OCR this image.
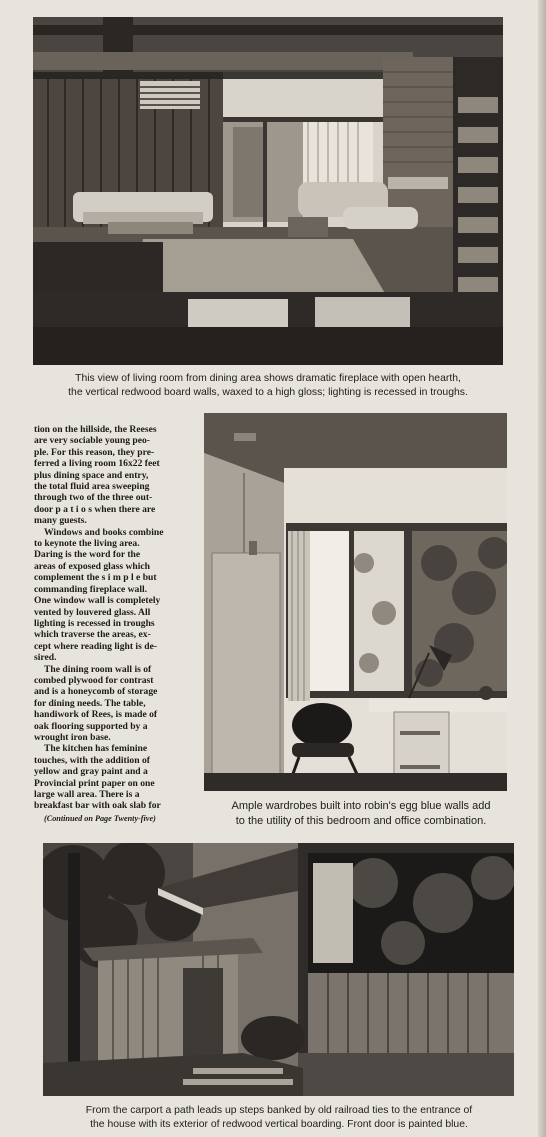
This view of living room from dining area shows dramatic fireplace with open hearth,
the vertical redwood board walls, waxed to a high gloss; lighting is recessed in troughs.
tion on the hillside, the Reeses
are very sociable young peo-
ple. For this reason, they pre-
ferred a living room 16x22 feet
plus dining space and entry,
the total fluid area sweeping
through two of the three out-
door p a t i o s when there are
many guests.
Windows and books combine
to keynote the living area.
Daring is the word for the
areas of exposed glass which
complement the s i m p l e but
commanding fireplace wall.
One window wall is completely
vented by louvered glass. All
lighting is recessed in troughs
which traverse the areas, ex-
cept where reading light is de-
sired.
The dining room wall is of
combed plywood for contrast
and is a honeycomb of storage
for dining needs. The table,
handiwork of Rees, is made of
oak flooring supported by a
wrought iron base.
The kitchen has feminine
touches, with the addition of
yellow and gray paint and a
Provincial print paper on one
large wall area. There is a
breakfast bar with oak slab for
(Continued on Page Twenty-five)
Ample wardrobes built into robin's egg blue walls add
to the utility of this bedroom and office combination.
From the carport a path leads up steps banked by old railroad ties to the entrance of
the house with its exterior of redwood vertical boarding. Front door is painted blue.
